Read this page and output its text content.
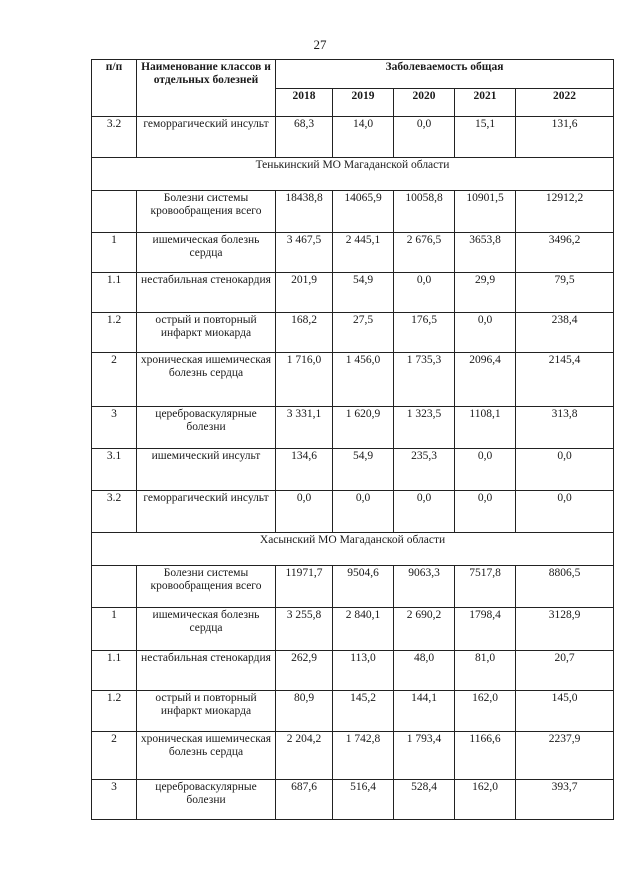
27
п/п	Наименование классов и отдельных болезней	Заболеваемость общая				
		2018	2019	2020	2021	2022
3.2	геморрагический инсульт	68,3	14,0	0,0	15,1	131,6
Тенькинский МО Магаданской области						
	Болезни системы кровообращения всего	18438,8	14065,9	10058,8	10901,5	12912,2
1	ишемическая болезнь сердца	3 467,5	2 445,1	2 676,5	3653,8	3496,2
1.1	нестабильная стенокардия	201,9	54,9	0,0	29,9	79,5
1.2	острый и повторный инфаркт миокарда	168,2	27,5	176,5	0,0	238,4
2	хроническая ишемическая болезнь сердца	1 716,0	1 456,0	1 735,3	2096,4	2145,4
3	цереброваскулярные болезни	3 331,1	1 620,9	1 323,5	1108,1	313,8
3.1	ишемический инсульт	134,6	54,9	235,3	0,0	0,0
3.2	геморрагический инсульт	0,0	0,0	0,0	0,0	0,0
Хасынский МО Магаданской области						
	Болезни системы кровообращения всего	11971,7	9504,6	9063,3	7517,8	8806,5
1	ишемическая болезнь сердца	3 255,8	2 840,1	2 690,2	1798,4	3128,9
1.1	нестабильная стенокардия	262,9	113,0	48,0	81,0	20,7
1.2	острый и повторный инфаркт миокарда	80,9	145,2	144,1	162,0	145,0
2	хроническая ишемическая болезнь сердца	2 204,2	1 742,8	1 793,4	1166,6	2237,9
3	цереброваскулярные болезни	687,6	516,4	528,4	162,0	393,7
